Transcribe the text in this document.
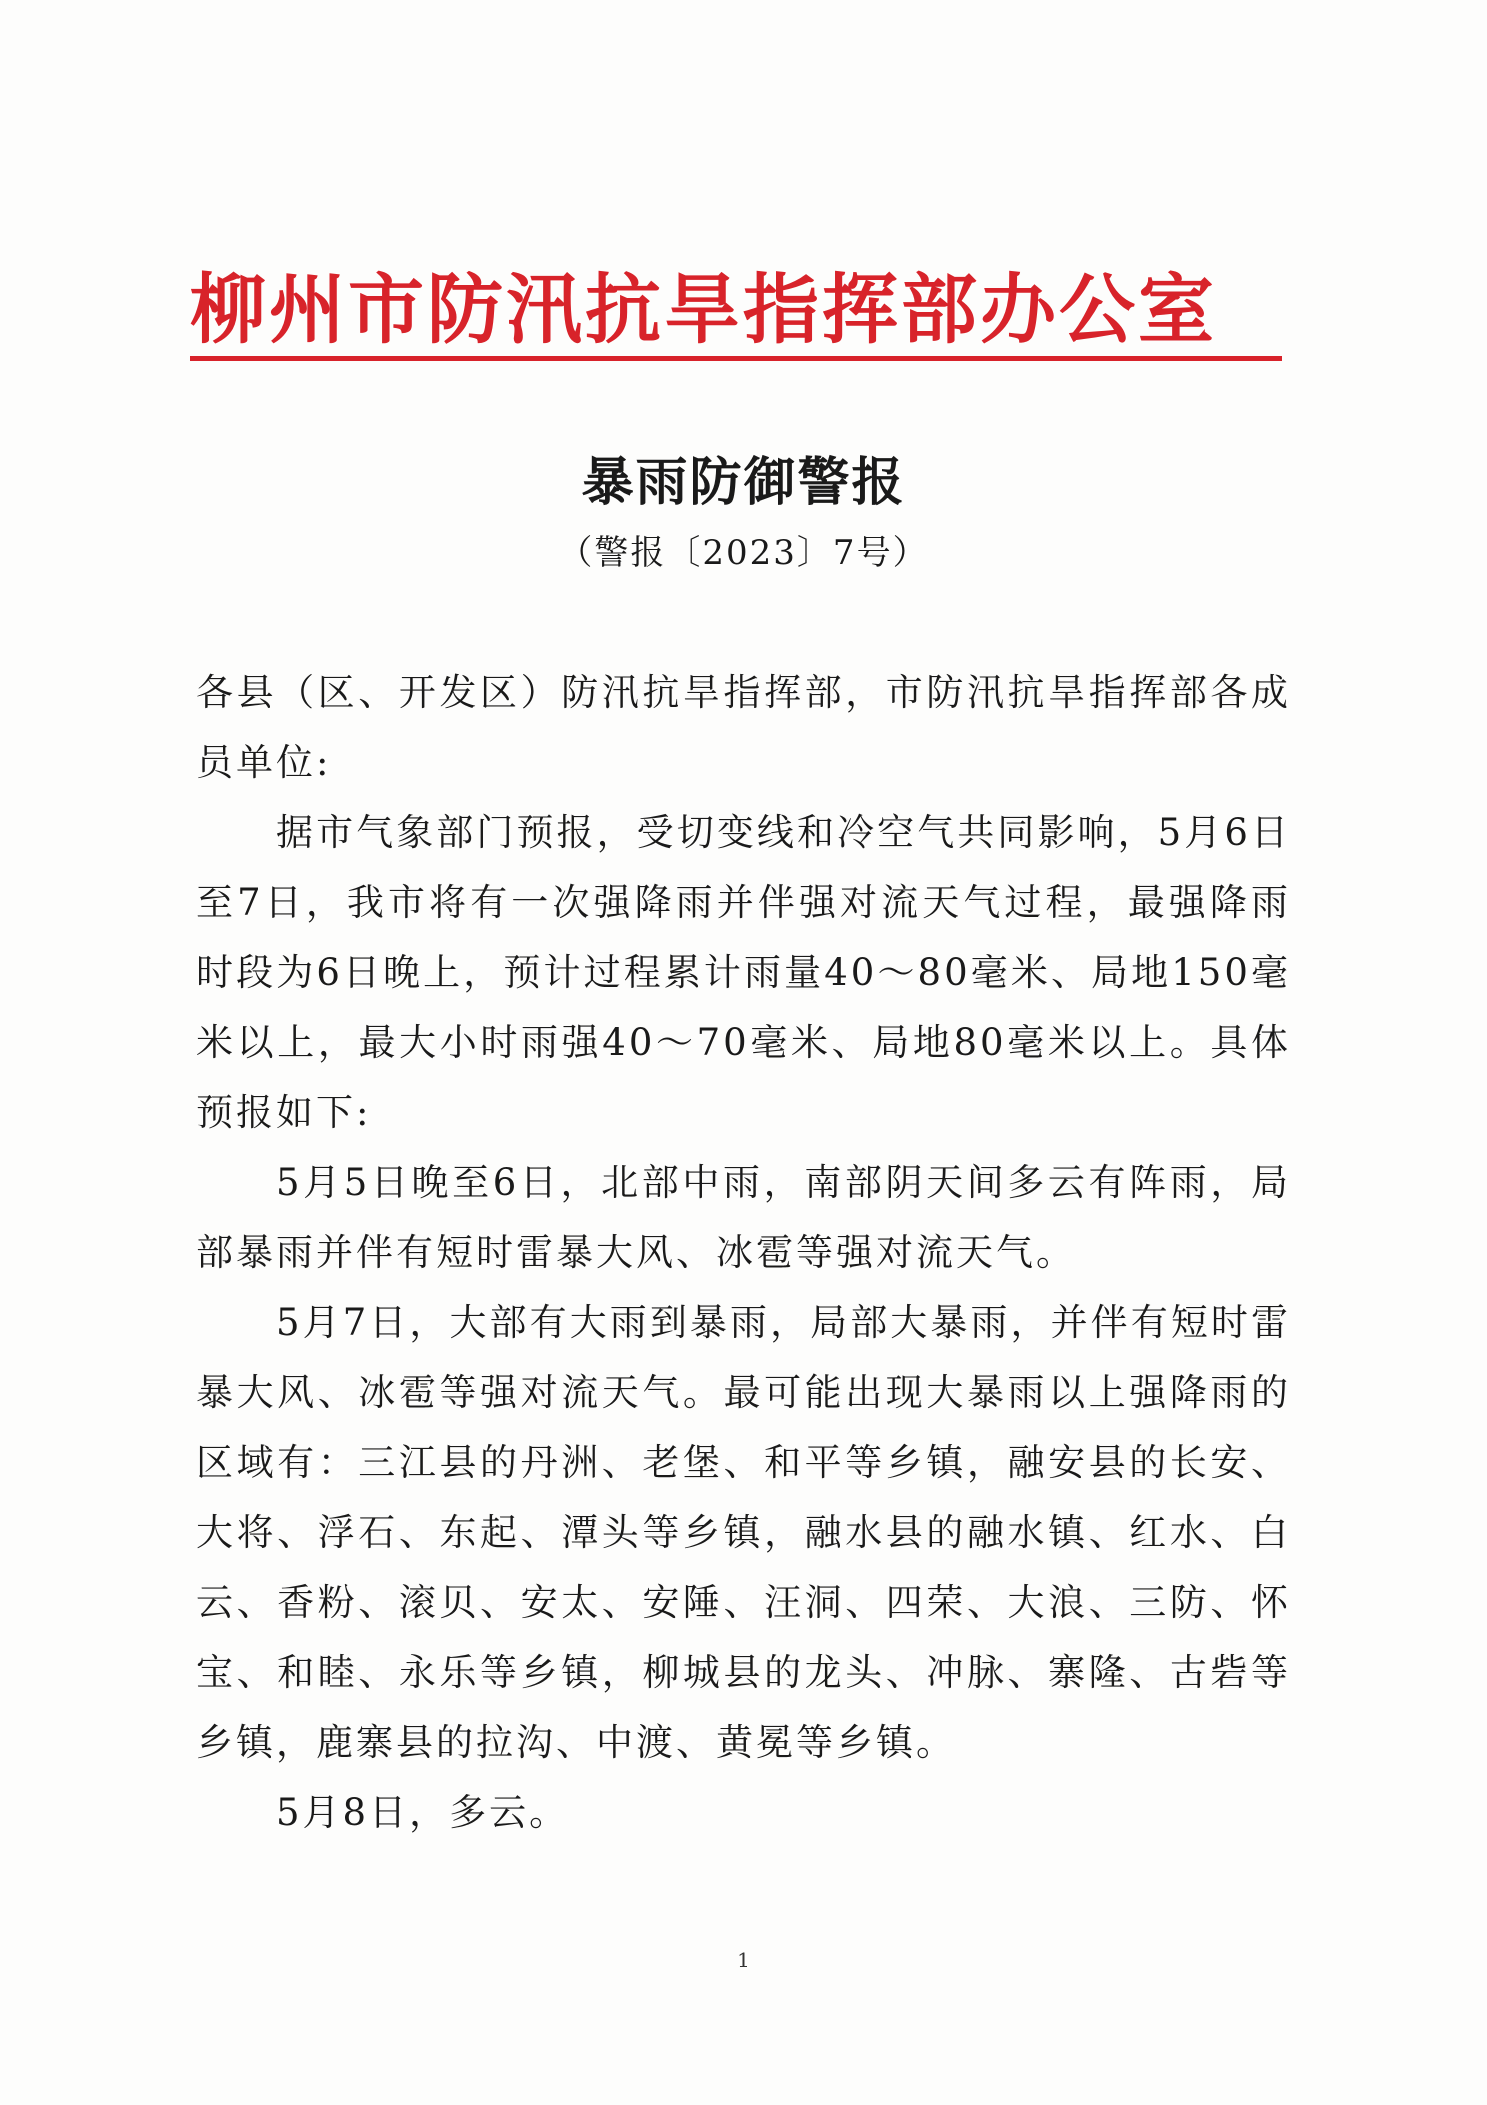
柳州市防汛抗旱指挥部办公室
暴雨防御警报
（警报〔2023〕7号）

各县（区、开发区）防汛抗旱指挥部，市防汛抗旱指挥部各成员单位:

据市气象部门预报，受切变线和冷空气共同影响，5月6日至7日，我市将有一次强降雨并伴强对流天气过程，最强降雨时段为6日晚上，预计过程累计雨量40～80毫米、局地150毫米以上，最大小时雨强40～70毫米、局地80毫米以上。具体预报如下:

5月5日晚至6日，北部中雨，南部阴天间多云有阵雨，局部暴雨并伴有短时雷暴大风、冰雹等强对流天气。

5月7日，大部有大雨到暴雨，局部大暴雨，并伴有短时雷暴大风、冰雹等强对流天气。最可能出现大暴雨以上强降雨的区域有：三江县的丹洲、老堡、和平等乡镇，融安县的长安、大将、浮石、东起、潭头等乡镇，融水县的融水镇、红水、白云、香粉、滚贝、安太、安陲、汪洞、四荣、大浪、三防、怀宝、和睦、永乐等乡镇，柳城县的龙头、冲脉、寨隆、古砦等乡镇，鹿寨县的拉沟、中渡、黄冕等乡镇。

5月8日，多云。

1
